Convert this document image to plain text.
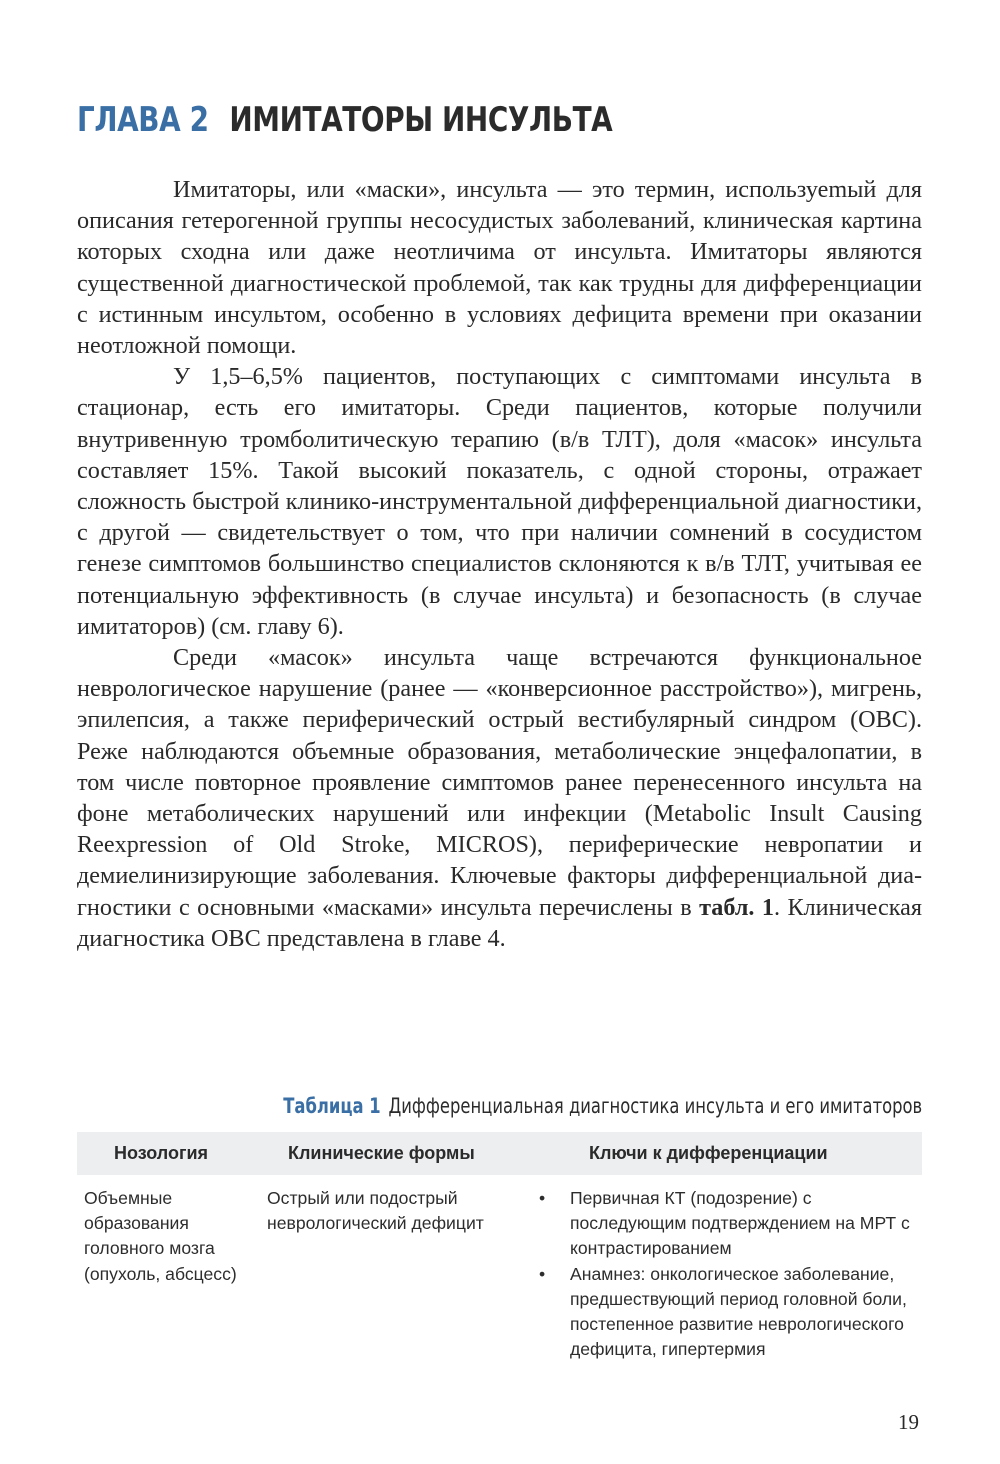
ГЛАВА 2 ИМИТАТОРЫ ИНСУЛЬТА

Имитаторы, или «маски», инсульта — это термин, используеmый для описания гетерогенной группы несосудистых заболеваний, клиническая картина которых сходна или даже неотличима от инсульта. Имитаторы являются существенной диагностической проблемой, так как трудны для дифференциации с истинным инсультом, особенно в условиях дефицита времени при оказании неотложной помощи.

У 1,5–6,5% пациентов, поступающих с симптомами инсульта в стационар, есть его имитаторы. Среди пациентов, которые получили внутривенную тромболитическую терапию (в/в ТЛТ), доля «масок» инсульта составляет 15%. Такой высокий показатель, с одной стороны, отражает сложность быстрой клинико-инструментальной дифференциальной диагностики, с другой — свидетельствует о том, что при наличии сомнений в сосудистом генезе симптомов большинство специалистов склоняются к в/в ТЛТ, учитывая ее потенциальную эффективность (в случае инсульта) и безопасность (в случае имитаторов) (см. главу 6).

Среди «масок» инсульта чаще встречаются функциональное неврологическое нарушение (ранее — «конверсионное расстройство»), мигрень, эпилепсия, а также периферический острый вестибулярный синдром (ОВС). Реже наблюдаются объемные образования, метаболические энцефалопатии, в том числе повторное проявление симптомов ранее перенесенного инсульта на фоне метаболических нарушений или инфекции (Metabolic Insult Causing Reexpression of Old Stroke, MICROS), периферические невропатии и демиелинизирующие заболевания. Ключевые факторы дифференциальной диагностики с основными «масками» инсульта перечислены в табл. 1. Клиническая диагностика ОВС представлена в главе 4.

Таблица 1 Дифференциальная диагностика инсульта и его имитаторов
Нозология	Клинические формы	Ключи к дифференциации
Объемные образования головного мозга (опухоль, абсцесс)
Острый или подострый неврологический дефицит
• Первичная КТ (подозрение) с последующим подтверждением на МРТ с контрастированием
• Анамнез: онкологическое заболевание, предшествующий период головной боли, постепенное развитие неврологического дефицита, гипертермия
19
